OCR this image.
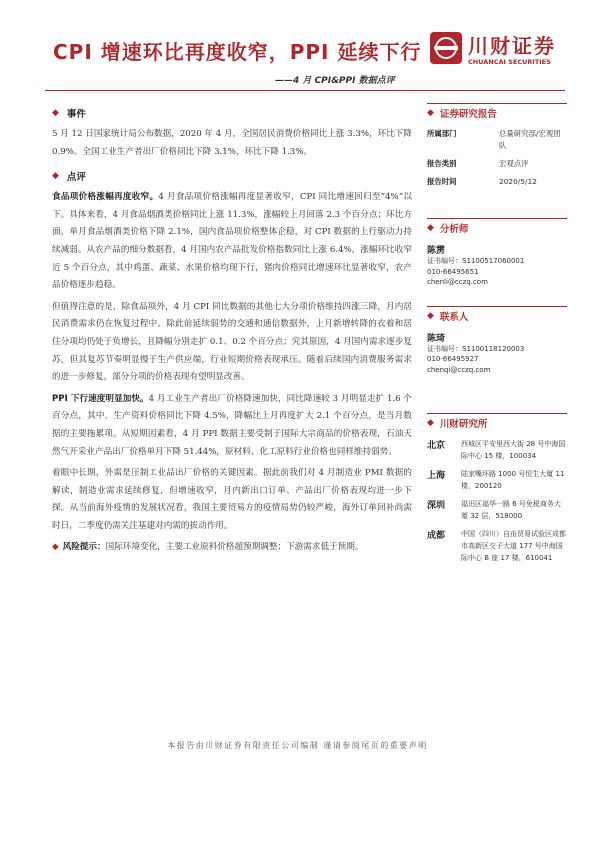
CPI 增速环比再度收窄，PPI 延续下行
——4 月 CPI&PPI 数据点评
川财证券
CHUANCAI SECURITIES
◆ 事件

5 月 12 日国家统计局公布数据，2020 年 4 月，全国居民消费价格同比上涨 3.3%，环比下降 0.9%。全国工业生产者出厂价格同比下降 3.1%，环比下降 1.3%。

◆ 点评

食品项价格涨幅再度收窄。4 月食品项价格涨幅再度显著收窄，CPI 同比增速回归至“4%”以下。具体来看，4 月食品烟酒类价格同比上涨 11.3%，涨幅较上月回落 2.3 个百分点；环比方面，单月食品烟酒类价格下降 2.1%，国内食品项价格整体企稳，对 CPI 数据的上行驱动力持续减弱。从农产品的细分数据看，4 月国内农产品批发价格指数同比上涨 6.4%，涨幅环比收窄近 5 个百分点，其中鸡蛋、蔬菜、水果价格均现下行，猪肉价格同比增速环比显著收窄，农产品价格逐步趋稳。

但值得注意的是，除食品项外，4 月 CPI 同比数据的其他七大分项价格维持四涨三降，月内居民消费需求仍在恢复过程中。除此前延续弱势的交通和通信数据外，上月新增转降的衣着和居住分项均仍处于负增长，且降幅分别走扩 0.1、0.2 个百分点；究其原因，4 月国内需求逐步复苏，但其复苏节奏明显慢于生产供应端，行业短期价格表现承压。随着后续国内消费服务需求的进一步修复，部分分项的价格表现有望明显改善。

PPI 下行速度明显加快。4 月工业生产者出厂价格降速加快，同比降速较 3 月明显走扩 1.6 个百分点，其中，生产资料价格同比下降 4.5%，降幅比上月再度扩大 2.1 个百分点，是当月数据的主要拖累项。从短期因素看，4 月 PPI 数据主要受制于国际大宗商品的价格表现，石油天然气开采业产品出厂价格单月下降 51.44%，原材料、化工原料行业价格也同样维持弱势。

着眼中长期，外需是压制工业品出厂价格的关键因素。据此前我们对 4 月制造业 PMI 数据的解读，制造业需求延续修复，但增速收窄，月内新出口订单、产品出厂价格表现均进一步下探。从当前海外疫情的发展状况看，我国主要贸易方的疫情局势仍较严峻，海外订单回补尚需时日，二季度仍需关注基建对内需的拔动作用。

◆ 风险提示：国际环境变化，主要工业原料价格超预期调整；下游需求低于预期。

◆ 证券研究报告
所属部门	总量研究部/宏观团队
报告类别	宏观点评
报告时间	2020/5/12
◆ 分析师
陈雳
证书编号：S1100517060001
010-66495651
chenli@cczq.com
◆ 联系人
陈琦
证书编号：S1100118120003
010-66495927
chenqi@cczq.com
◆ 川财研究所
北京	西城区平安里西大街 28 号中海国际中心 15 楼，100034
上海	陆家嘴环路 1000 号恒生大厦 11 楼，200120
深圳	福田区福华一路 6 号免税商务大厦 32 层，518000
成都	中国（四川）自由贸易试验区成都市高新区交子大道 177 号中海国际中心 B 座 17 楼，610041
本报告由川财证券有限责任公司编制 谨请参阅尾页的重要声明
